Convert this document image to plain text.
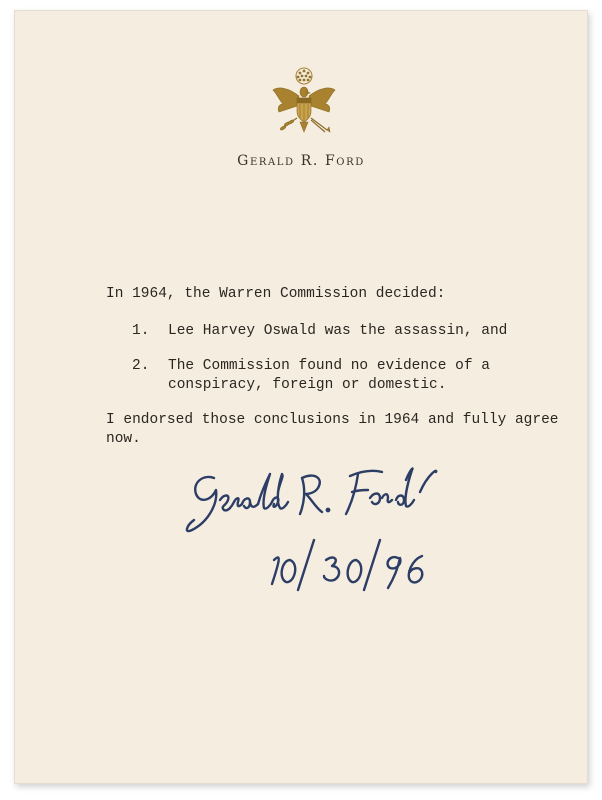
Gerald R. Ford
In 1964, the Warren Commission decided:
1. Lee Harvey Oswald was the assassin, and
2. The Commission found no evidence of a
conspiracy, foreign or domestic.
I endorsed those conclusions in 1964 and fully agree
now.
